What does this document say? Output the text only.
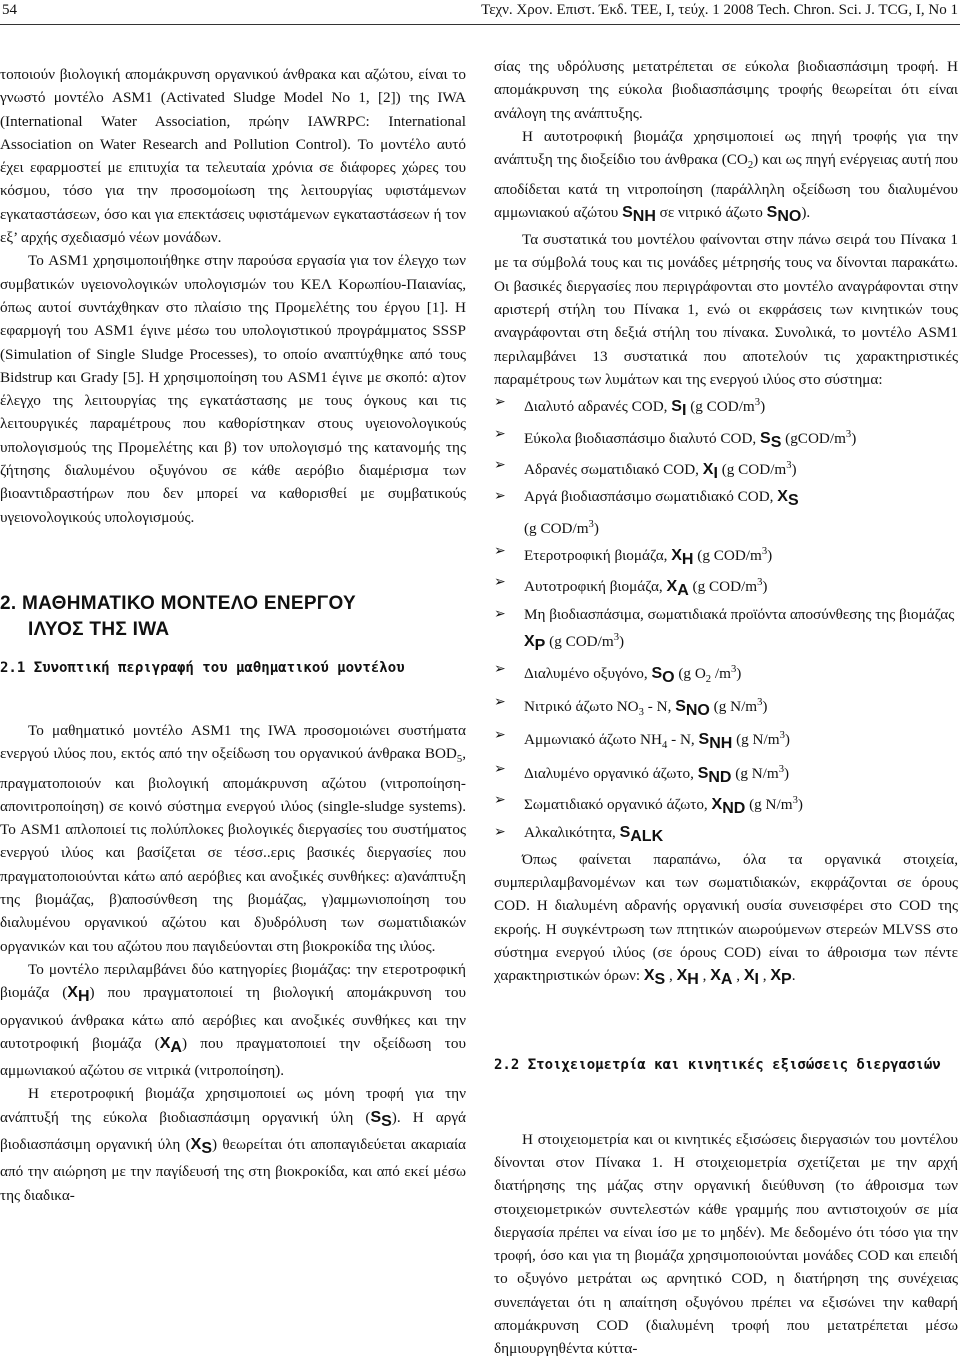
54	Τεχν. Χρον. Επιστ. Έκδ. ΤΕΕ, I, τεύχ. 1 2008 Tech. Chron. Sci. J. TCG, I, No 1

τοποιούν βιολογική απομάκρυνση οργανικού άνθρακα και αζώτου, είναι το γνωστό μοντέλο ASM1 (Activated Sludge Model No 1, [2]) της IWA (International Water Association, πρώην IAWRPC: International Association on Water Research and Pollution Control). Το μοντέλο αυτό έχει εφαρμοστεί με επιτυχία τα τελευταία χρόνια σε διάφορες χώρες του κόσμου, τόσο για την προσομοίωση της λειτουργίας υφιστάμενων εγκαταστάσεων, όσο και για επεκτάσεις υφιστάμενων εγκαταστάσεων ή τον εξ’ αρχής σχεδιασμό νέων μονάδων.

Το ASM1 χρησιμοποιήθηκε στην παρούσα εργασία για τον έλεγχο των συμβατικών υγειονολογικών υπολογισμών του ΚΕΛ Κορωπίου-Παιανίας, όπως αυτοί συντάχθηκαν στο πλαίσιο της Προμελέτης του έργου [1]. Η εφαρμογή του ASM1 έγινε μέσω του υπολογιστικού προγράμματος SSSP (Simulation of Single Sludge Processes), το οποίο αναπτύχθηκε από τους Bidstrup και Grady [5]. Η χρησιμοποίηση του ASM1 έγινε με σκοπό: α)τον έλεγχο της λειτουργίας της εγκατάστασης με τους όγκους και τις λειτουργικές παραμέτρους που καθορίστηκαν στους υγειονολογικούς υπολογισμούς της Προμελέτης και β) τον υπολογισμό της κατανομής της ζήτησης διαλυμένου οξυγόνου σε κάθε αερόβιο διαμέρισμα των βιοαντιδραστήρων που δεν μπορεί να καθορισθεί με συμβατικούς υγειονολογικούς υπολογισμούς.

2. ΜΑΘΗΜΑΤΙΚΟ ΜΟΝΤΕΛΟ ΕΝΕΡΓΟΥ
ΙΛΥΟΣ ΤΗΣ IWA
2.1 Συνοπτική περιγραφή του μαθηματικού μοντέλου

Το μαθηματικό μοντέλο ASM1 της IWA προσομοιώνει συστήματα ενεργού ιλύος που, εκτός από την οξείδωση του οργανικού άνθρακα $BOD_5$, πραγματοποιούν και βιολογική απομάκρυνση αζώτου (νιτροποίηση-απονιτροποίηση) σε κοινό σύστημα ενεργού ιλύος (single-sludge systems). Το ASM1 απλοποιεί τις πολύπλοκες βιολογικές διεργασίες του συστήματος ενεργού ιλύος και βασίζεται σε τέσσ..ερις βασικές διεργασίες που πραγματοποιούνται κάτω από αερόβιες και ανοξικές συνθήκες: α)ανάπτυξη της βιομάζας, β)αποσύνθεση της βιομάζας, γ)αμμωνιοποίηση του διαλυμένου οργανικού αζώτου και δ)υδρόλυση των σωματιδιακών οργανικών και του αζώτου που παγιδεύονται στη βιοκροκίδα της ιλύος.

Το μοντέλο περιλαμβάνει δύο κατηγορίες βιομάζας: την ετεροτροφική βιομάζα $(X_H)$ που πραγματοποιεί τη βιολογική απομάκρυνση του οργανικού άνθρακα κάτω από αερόβιες και ανοξικές συνθήκες και την αυτοτροφική βιομάζα $(X_A)$ που πραγματοποιεί την οξείδωση του αμμωνιακού αζώτου σε νιτρικά (νιτροποίηση).

Η ετεροτροφική βιομάζα χρησιμοποιεί ως μόνη τροφή για την ανάπτυξή της εύκολα βιοδιασπάσιμη οργανική ύλη $(S_S)$. Η αργά βιοδιασπάσιμη οργανική ύλη $(X_S)$ θεωρείται ότι αποπαγιδεύεται ακαριαία από την αιώρηση με την παγίδευσή της στη βιοκροκίδα, και από εκεί μέσω της διαδικα-

σίας της υδρόλυσης μετατρέπεται σε εύκολα βιοδιασπάσιμη τροφή. Η απομάκρυνση της εύκολα βιοδιασπάσιμης τροφής θεωρείται ότι είναι ανάλογη της ανάπτυξης.

Η αυτοτροφική βιομάζα χρησιμοποιεί ως πηγή τροφής για την ανάπτυξη της διοξείδιο του άνθρακα $(CO_2)$ και ως πηγή ενέργειας αυτή που αποδίδεται κατά τη νιτροποίηση (παράλληλη οξείδωση του διαλυμένου αμμωνιακού αζώτου $S_{NH}$ σε νιτρικό άζωτο $S_{NO}$).

Τα συστατικά του μοντέλου φαίνονται στην πάνω σειρά του Πίνακα 1 με τα σύμβολά τους και τις μονάδες μέτρησής τους να δίνονται παρακάτω. Οι βασικές διεργασίες που περιγράφονται στο μοντέλο αναγράφονται στην αριστερή στήλη του Πίνακα 1, ενώ οι εκφράσεις των κινητικών τους αναγράφονται στη δεξιά στήλη του πίνακα. Συνολικά, το μοντέλο ASM1 περιλαμβάνει 13 συστατικά που αποτελούν τις χαρακτηριστικές παραμέτρους των λυμάτων και της ενεργού ιλύος στο σύστημα:

➢ Διαλυτό αδρανές COD, $S_I$ (g COD/$m^3$)
➢ Εύκολα βιοδιασπάσιμο διαλυτό COD, $S_S$ $(gCOD/m^3)$
➢ Αδρανές σωματιδιακό COD, $X_I$ (g COD/$m^3$)
➢ Αργά βιοδιασπάσιμο σωματιδιακό COD, $X_S$
(g COD/$m^3$)
➢ Ετεροτροφική βιομάζα, $X_H$ (g COD/$m^3$)
➢ Αυτοτροφική βιομάζα, $X_A$ (g COD/$m^3$)
➢ Μη βιοδιασπάσιμα, σωματιδιακά προϊόντα αποσύνθεσης της βιομάζας $X_P$ (g COD/$m^3$)
➢ Διαλυμένο οξυγόνο, $S_O$ (g $O_2$ $/m^3$)
➢ Νιτρικό άζωτο $NO_3$ - N, $S_{NO}$ (g $N/m^3$)
➢ Αμμωνιακό άζωτο $NH_4$ - N, $S_{NH}$ (g $N/m^3$)
➢ Διαλυμένο οργανικό άζωτο, $S_{ND}$ (g $N/m^3$)
➢ Σωματιδιακό οργανικό άζωτο, $X_{ND}$ (g $N/m^3$)
➢ Αλκαλικότητα, $S_{ALK}$

Όπως φαίνεται παραπάνω, όλα τα οργανικά στοιχεία, συμπεριλαμβανομένων και των σωματιδιακών, εκφράζονται σε όρους COD. Η διαλυμένη αδρανής οργανική ουσία συνεισφέρει στο COD της εκροής. Η συγκέντρωση των πτητικών αιωρούμενων στερεών MLVSS στο σύστημα ενεργού ιλύος (σε όρους COD) είναι το άθροισμα των πέντε χαρακτηριστικών όρων: $X_S$ , $X_H$ , $X_A$ , $X_I$ , $X_P$.

2.2 Στοιχειομετρία και κινητικές εξισώσεις διεργασιών

Η στοιχειομετρία και οι κινητικές εξισώσεις διεργασιών του μοντέλου δίνονται στον Πίνακα 1. Η στοιχειομετρία σχετίζεται με την αρχή διατήρησης της μάζας στην οργανική διεύθυνση (το άθροισμα των στοιχειομετρικών συντελεστών κάθε γραμμής που αντιστοιχούν σε μία διεργασία πρέπει να είναι ίσο με το μηδέν). Με δεδομένο ότι τόσο για την τροφή, όσο και για τη βιομάζα χρησιμοποιούνται μονάδες COD και επειδή το οξυγόνο μετράται ως αρνητικό COD, η διατήρηση της συνέχειας συνεπάγεται ότι η απαίτηση οξυγόνου πρέπει να εξισώνει την καθαρή απομάκρυνση COD (διαλυμένη τροφή που μετατρέπεται μέσω δημιουργηθέντα κύττα-
